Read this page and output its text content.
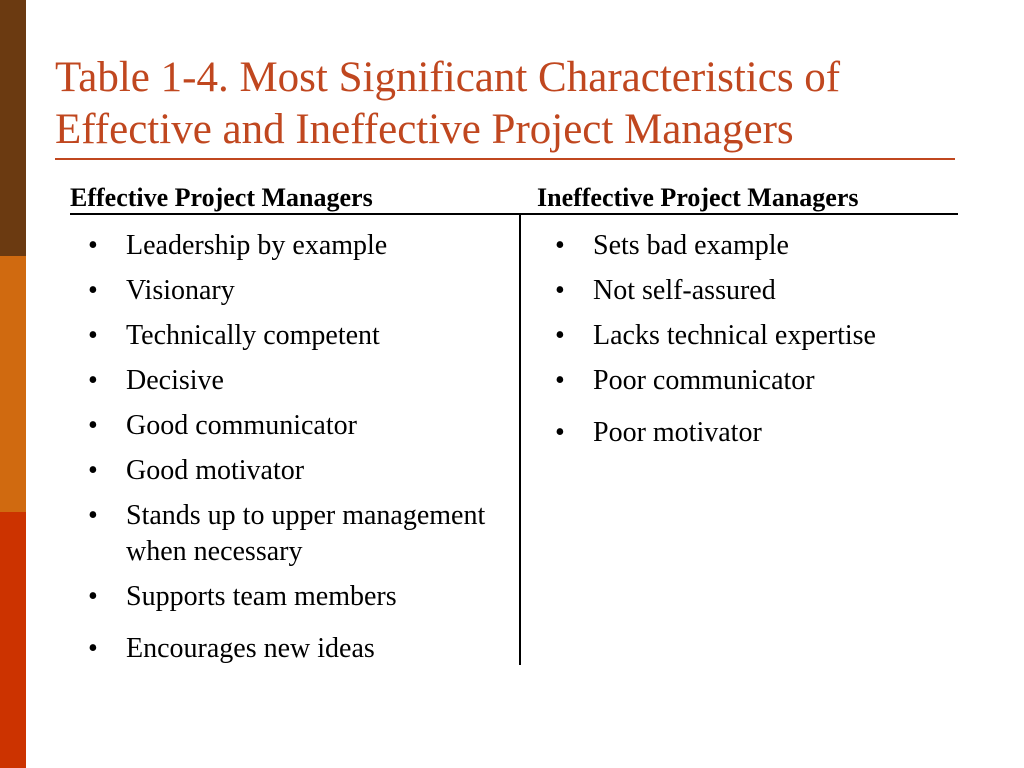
Table 1-4. Most Significant Characteristics of Effective and Ineffective Project Managers
Effective Project Managers	Ineffective Project Managers
• Leadership by example
• Visionary
• Technically competent
• Decisive
• Good communicator
• Good motivator
• Stands up to upper management when necessary
• Supports team members
• Encourages new ideas
• Sets bad example
• Not self-assured
• Lacks technical expertise
• Poor communicator
• Poor motivator
